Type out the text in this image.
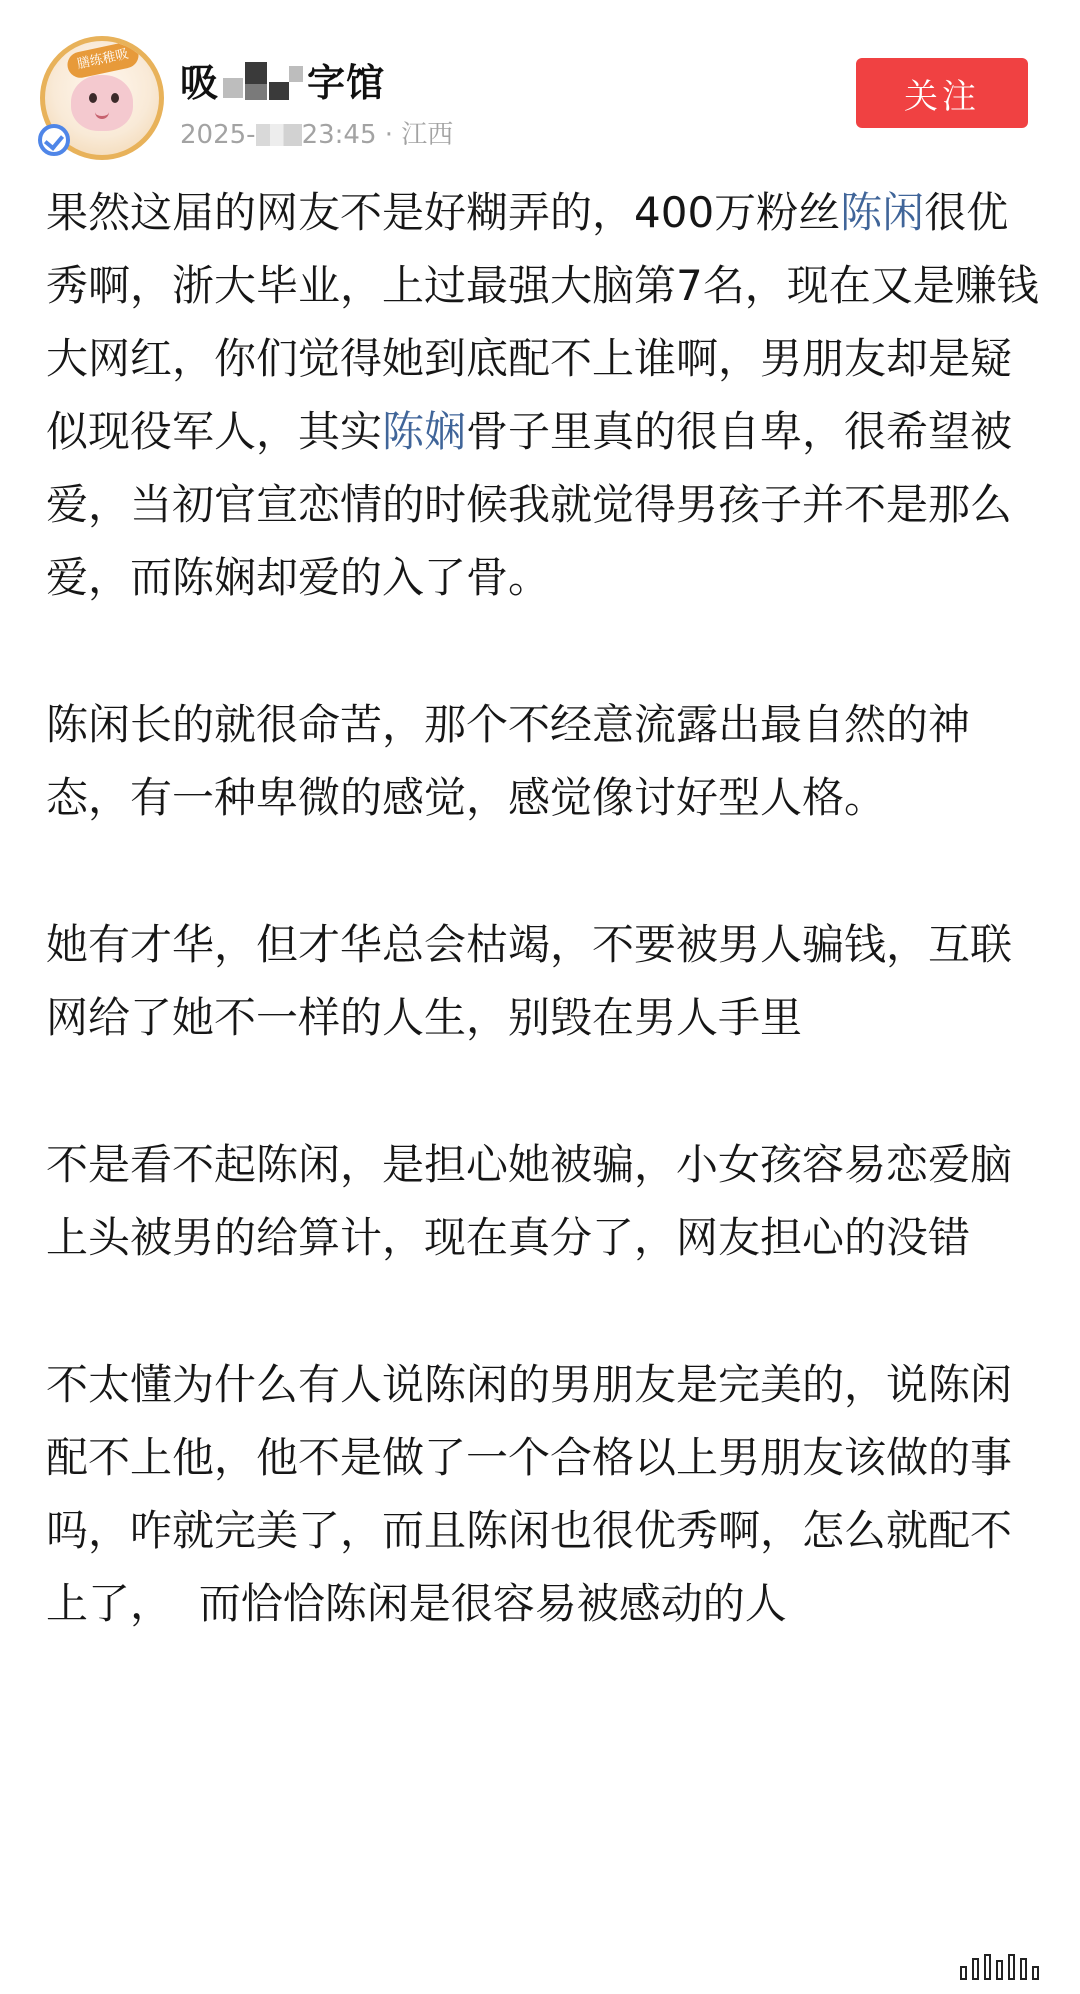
膳练稚吸
吸 字馆
2025- 23:45 · 江西
关注

果然这届的网友不是好糊弄的，400万粉丝陈闲很优秀啊，浙大毕业，上过最强大脑第7名，现在又是赚钱大网红，你们觉得她到底配不上谁啊，男朋友却是疑似现役军人，其实陈娴骨子里真的很自卑，很希望被爱，当初官宣恋情的时候我就觉得男孩子并不是那么爱，而陈娴却爱的入了骨。

陈闲长的就很命苦，那个不经意流露出最自然的神态，有一种卑微的感觉，感觉像讨好型人格。

她有才华，但才华总会枯竭，不要被男人骗钱，互联网给了她不一样的人生，别毁在男人手里

不是看不起陈闲，是担心她被骗，小女孩容易恋爱脑上头被男的给算计，现在真分了，网友担心的没错

不太懂为什么有人说陈闲的男朋友是完美的，说陈闲配不上他，他不是做了一个合格以上男朋友该做的事吗，咋就完美了，而且陈闲也很优秀啊，怎么就配不上了，  而恰恰陈闲是很容易被感动的人
